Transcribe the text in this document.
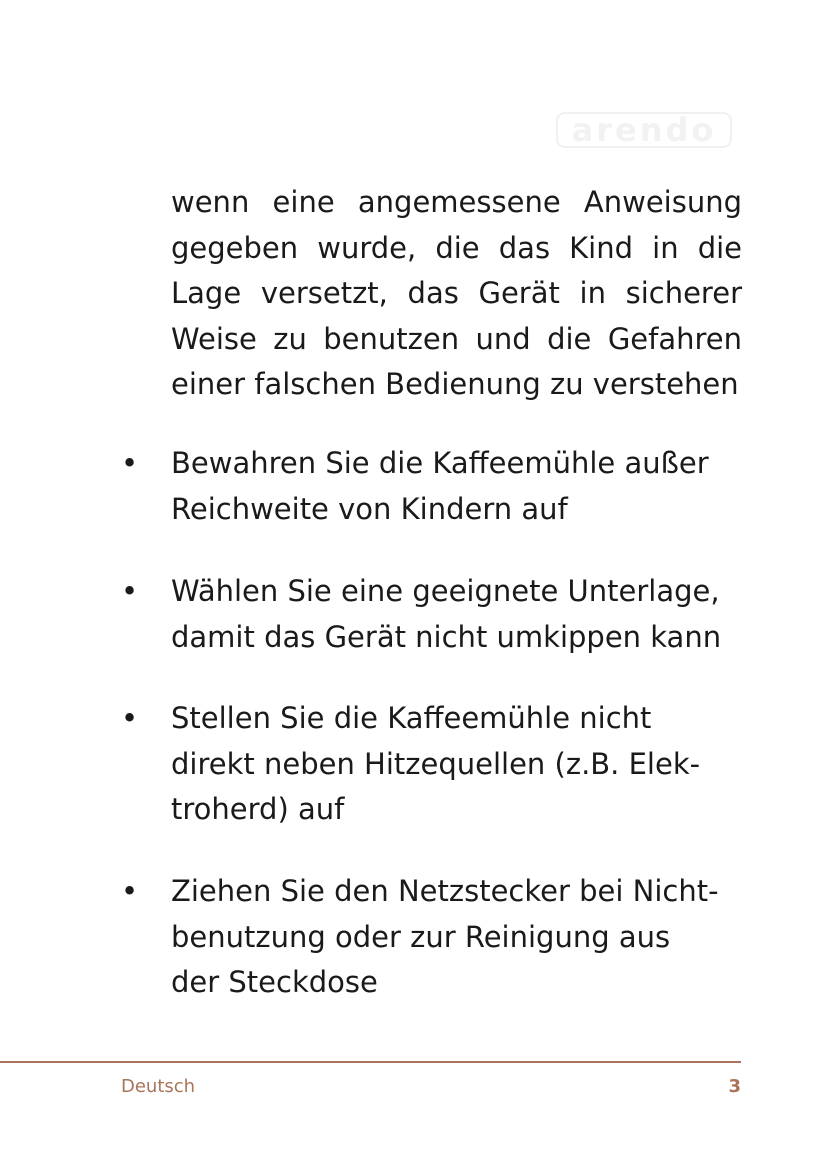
arendo

wenn eine angemessene Anweisung gegeben wurde, die das Kind in die Lage versetzt, das Gerät in sicherer Weise zu benutzen und die Gefahren einer falschen Bedienung zu verstehen

• Bewahren Sie die Kaffeemühle außer
Reichweite von Kindern auf

• Wählen Sie eine geeignete Unterlage,
damit das Gerät nicht umkippen kann

• Stellen Sie die Kaffeemühle nicht
direkt neben Hitzequellen (z.B. Elek-
troherd) auf

• Ziehen Sie den Netzstecker bei Nicht-
benutzung oder zur Reinigung aus
der Steckdose

Deutsch	3
